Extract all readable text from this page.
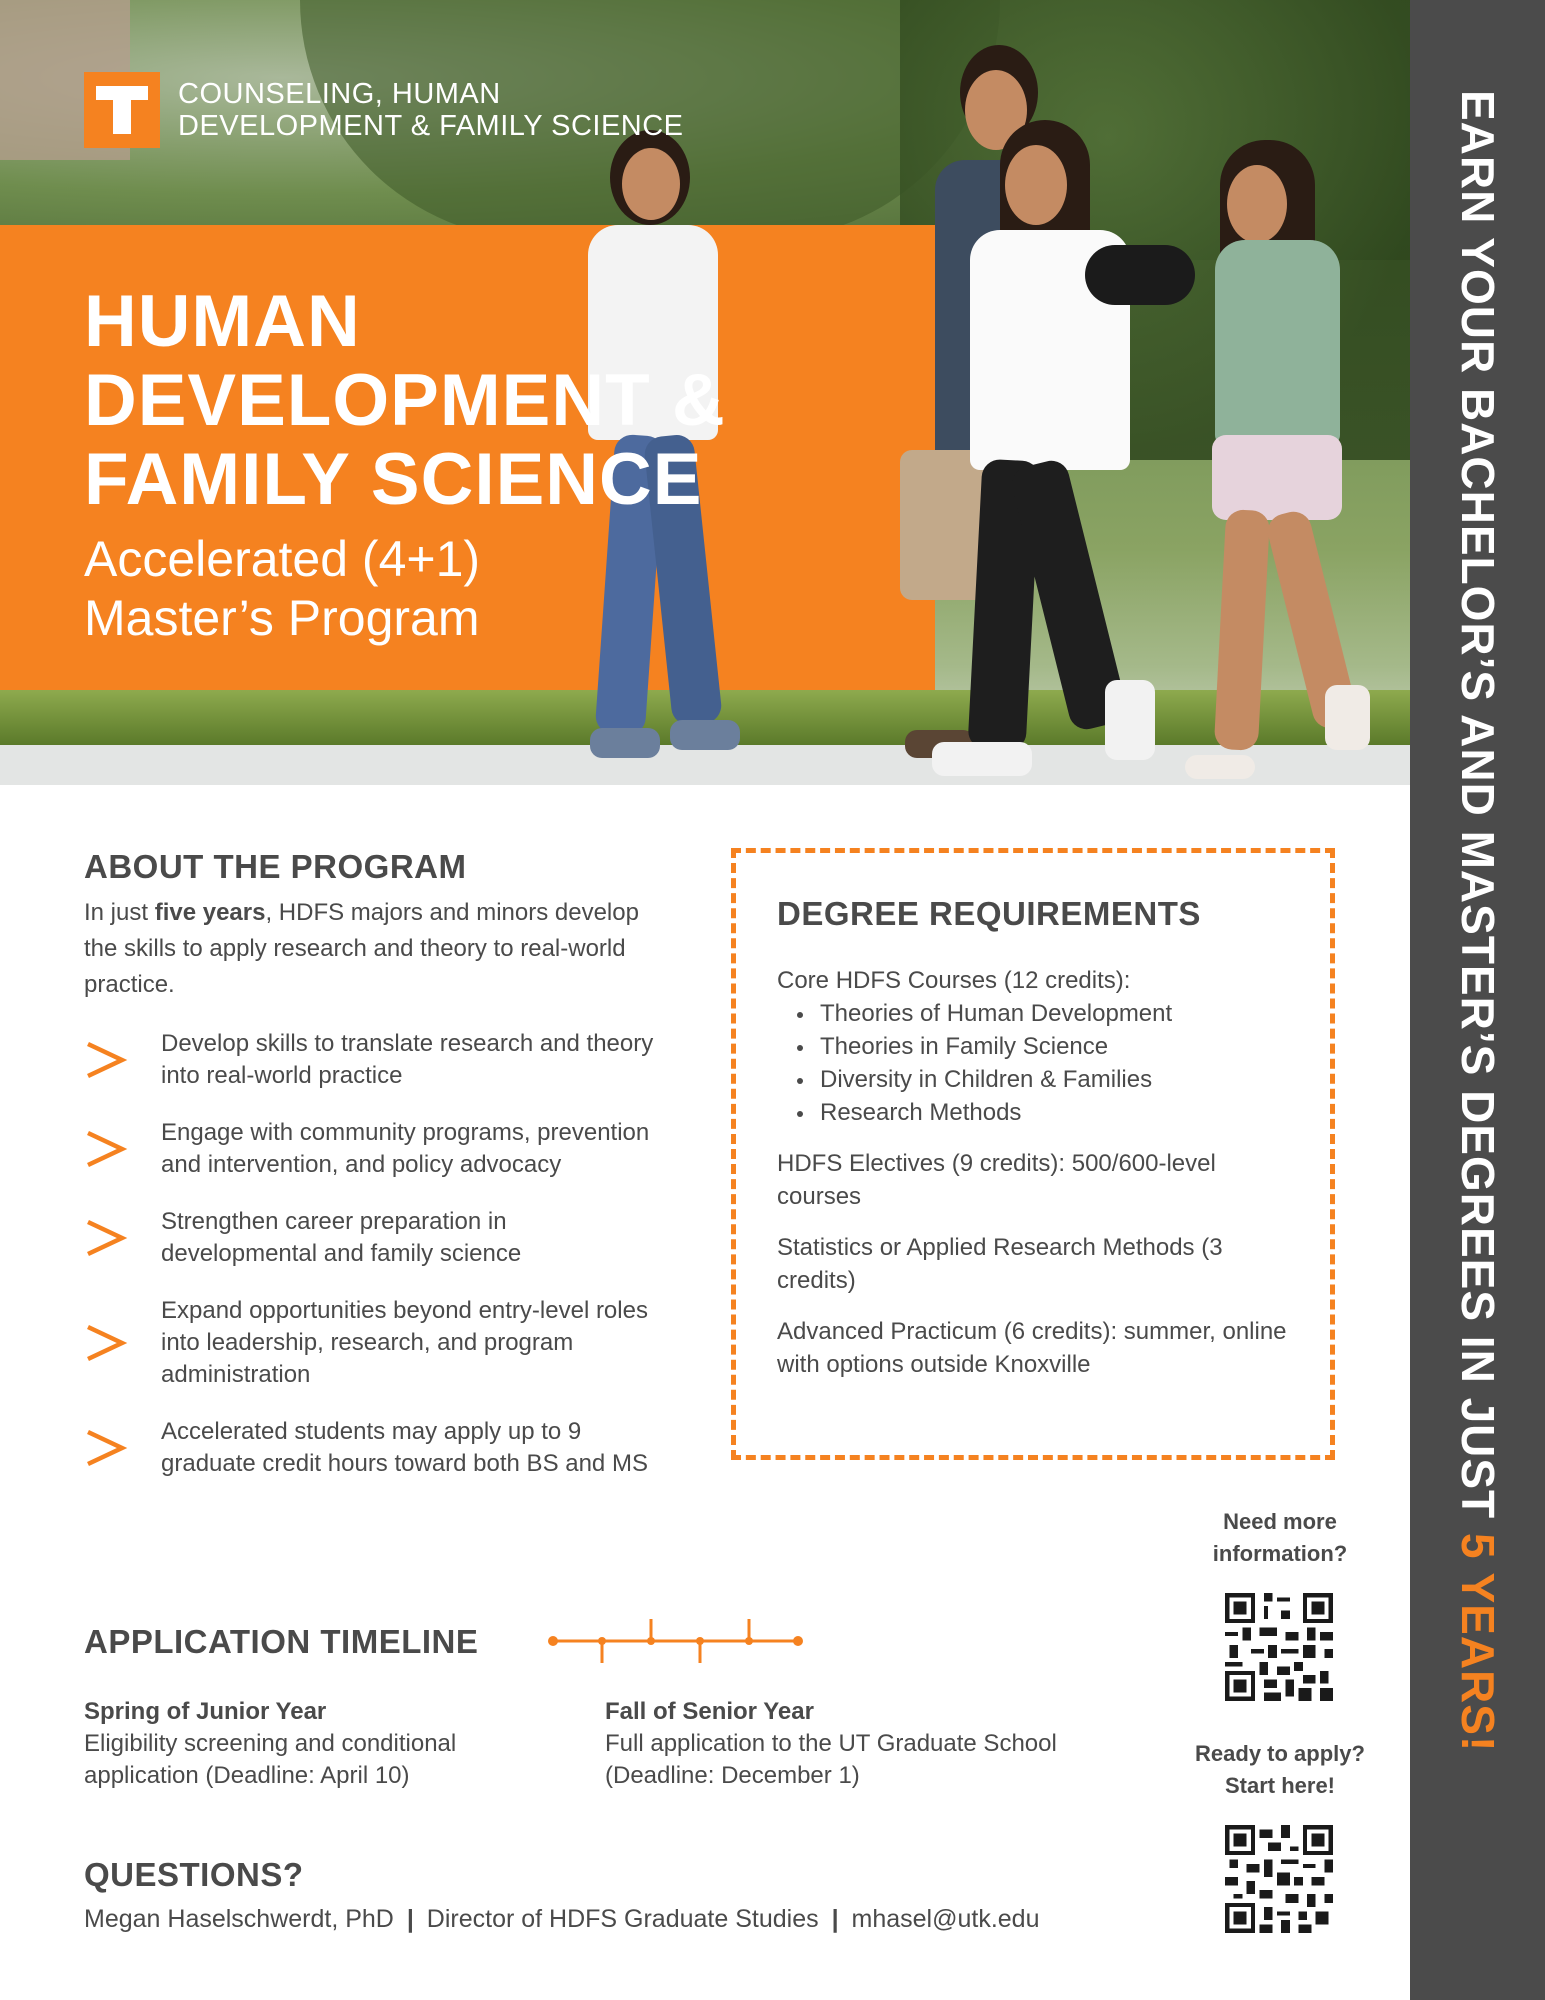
COUNSELING, HUMAN
DEVELOPMENT & FAMILY SCIENCE
HUMAN
DEVELOPMENT &
FAMILY SCIENCE
Accelerated (4+1)
Master’s Program	EARN YOUR BACHELOR’S AND MASTER’S DEGREES IN JUST 5 YEARS!
ABOUT THE PROGRAM

In just five years, HDFS majors and minors develop the skills to apply research and theory to real-world practice.

Develop skills to translate research and theory into real-world practice
Engage with community programs, prevention and intervention, and policy advocacy
Strengthen career preparation in developmental and family science
Expand opportunities beyond entry-level roles into leadership, research, and program administration
Accelerated students may apply up to 9 graduate credit hours toward both BS and MS
DEGREE REQUIREMENTS
Core HDFS Courses (12 credits):
Theories of Human Development
Theories in Family Science
Diversity in Children & Families
Research Methods

HDFS Electives (9 credits): 500/600-level courses

Statistics or Applied Research Methods (3 credits)

Advanced Practicum (6 credits): summer, online with options outside Knoxville

Need more
information?
Ready to apply?
Start here!
APPLICATION TIMELINE
Spring of Junior Year
Eligibility screening and conditional application (Deadline: April 10)
Fall of Senior Year
Full application to the UT Graduate School (Deadline: December 1)
QUESTIONS?
Megan Haselschwerdt, PhD | Director of HDFS Graduate Studies | mhasel@utk.edu
